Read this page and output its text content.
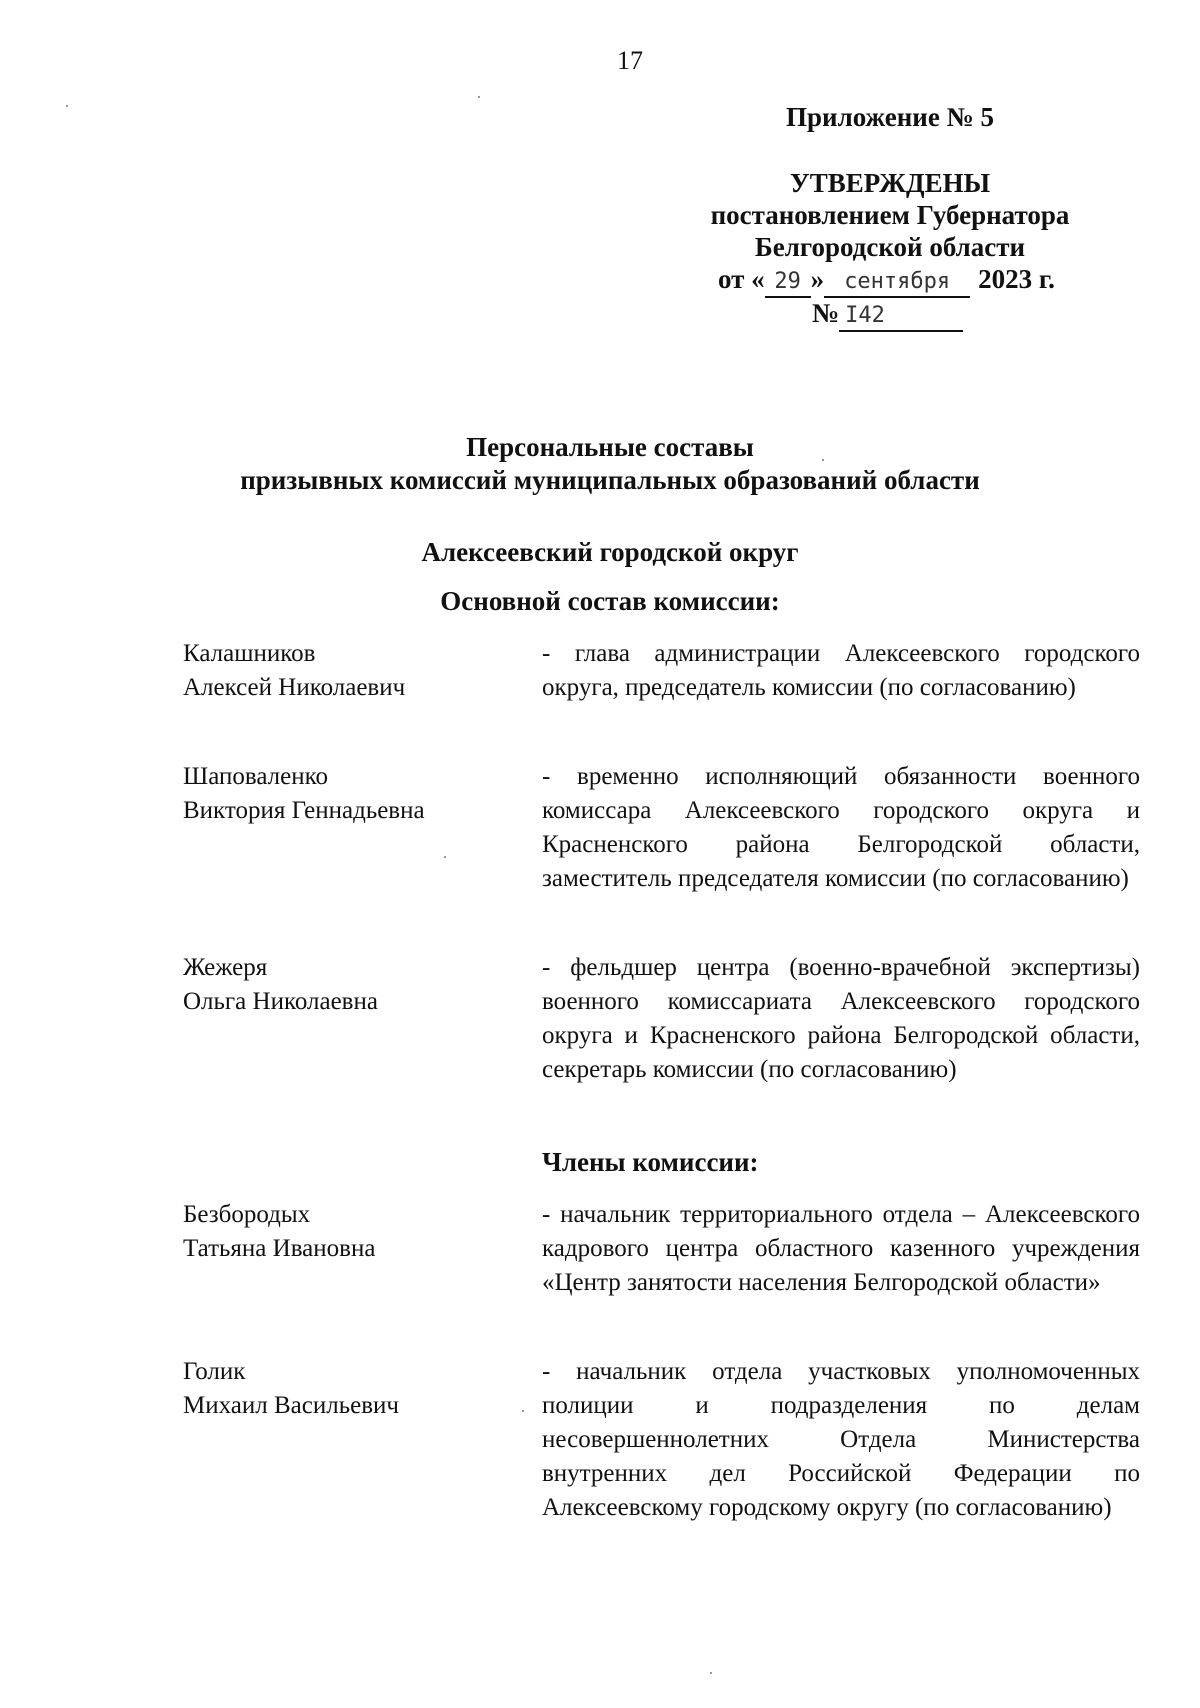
17
Приложение № 5
УТВЕРЖДЕНЫ
постановлением Губернатора
Белгородской области
от « 29 » сентября 2023 г.
№ I42
Персональные составы
призывных комиссий муниципальных образований области
Алексеевский городской округ
Основной состав комиссии:
Калашников
Алексей Николаевич
- глава администрации Алексеевского городского округа, председатель комиссии (по согласованию)
Шаповаленко
Виктория Геннадьевна
- временно исполняющий обязанности военного комиссара Алексеевского городского округа и Красненского района Белгородской области, заместитель председателя комиссии (по согласованию)
Жежеря
Ольга Николаевна
- фельдшер центра (военно-врачебной экспертизы) военного комиссариата Алексеевского городского округа и Красненского района Белгородской области, секретарь комиссии (по согласованию)
Члены комиссии:
Безбородых
Татьяна Ивановна
- начальник территориального отдела – Алексеевского кадрового центра областного казенного учреждения «Центр занятости населения Белгородской области»
Голик
Михаил Васильевич
- начальник отдела участковых уполномоченных полиции и подразделения по делам несовершеннолетних Отдела Министерства внутренних дел Российской Федерации по Алексеевскому городскому округу (по согласованию)
